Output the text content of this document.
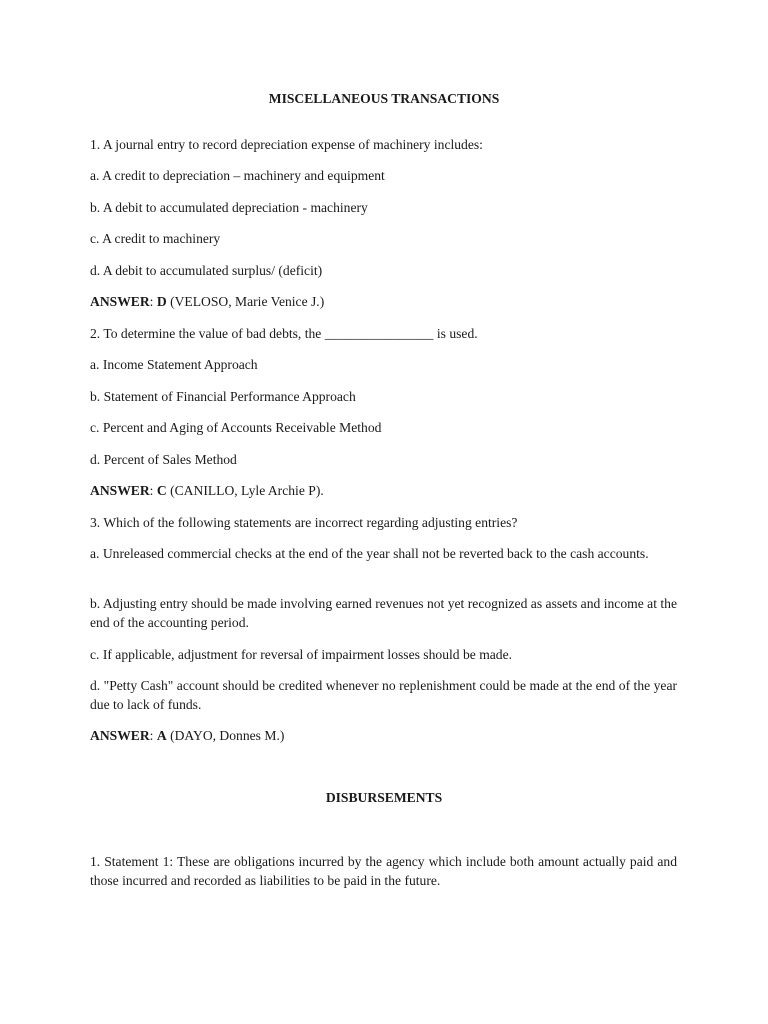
MISCELLANEOUS TRANSACTIONS

1. A journal entry to record depreciation expense of machinery includes:

a. A credit to depreciation – machinery and equipment

b. A debit to accumulated depreciation - machinery

c. A credit to machinery

d. A debit to accumulated surplus/ (deficit)

ANSWER: D (VELOSO, Marie Venice J.)

2. To determine the value of bad debts, the ________________ is used.

a. Income Statement Approach

b. Statement of Financial Performance Approach

c. Percent and Aging of Accounts Receivable Method

d. Percent of Sales Method

ANSWER: C (CANILLO, Lyle Archie P).

3. Which of the following statements are incorrect regarding adjusting entries?

a. Unreleased commercial checks at the end of the year shall not be reverted back to the cash accounts.

b. Adjusting entry should be made involving earned revenues not yet recognized as assets and income at the end of the accounting period.

c. If applicable, adjustment for reversal of impairment losses should be made.

d. "Petty Cash" account should be credited whenever no replenishment could be made at the end of the year due to lack of funds.

ANSWER: A (DAYO, Donnes M.)

DISBURSEMENTS

1. Statement 1: These are obligations incurred by the agency which include both amount actually paid and those incurred and recorded as liabilities to be paid in the future.
